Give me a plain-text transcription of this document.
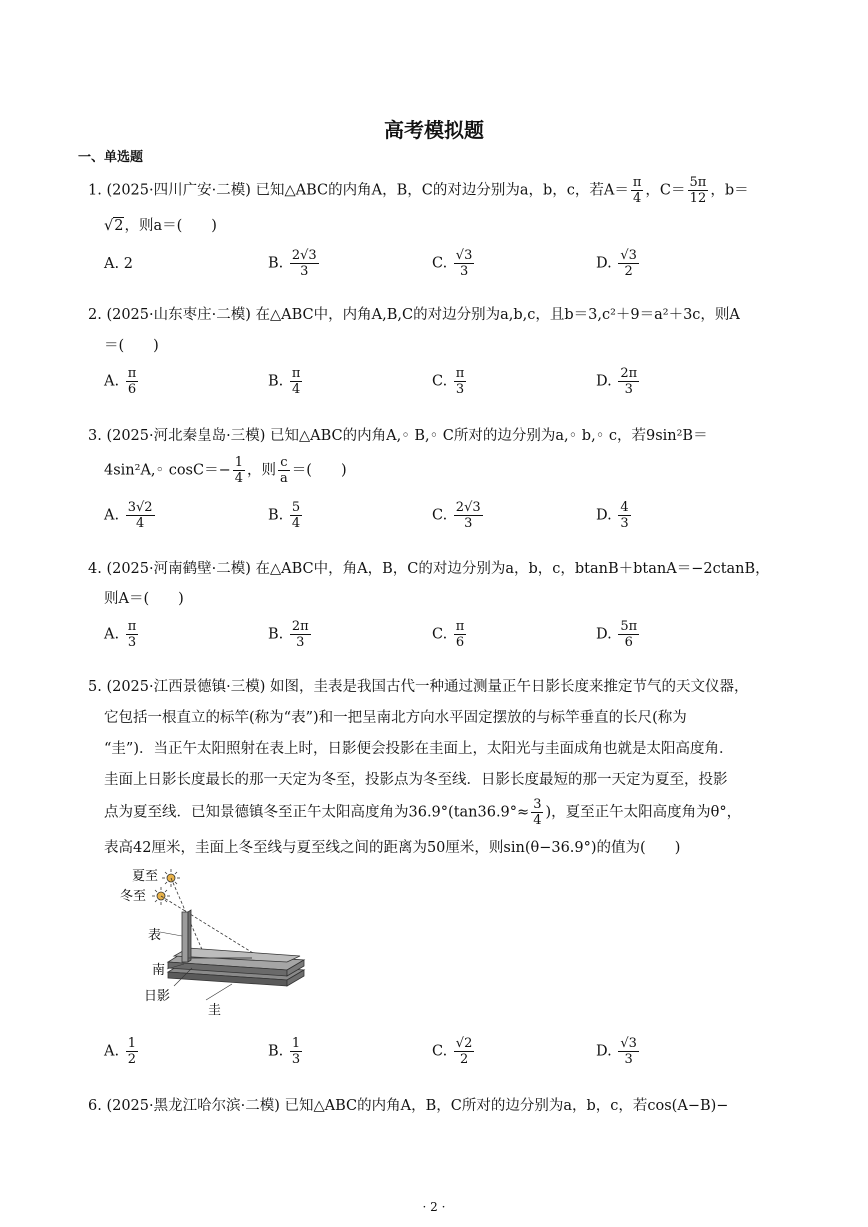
高考模拟题
一、单选题
1. (2025·四川广安·二模) 已知△ABC的内角A，B，C的对边分别为a，b，c，若$A= \frac{\pi}{4}$ ，$C= \frac{5\pi}{12}$ ，b＝
√2，则a＝(　　)
A. 2	B. $\frac{2√3}{3}$	C. $\frac{√3}{3}$	D. $\frac{√3}{2}$
2. (2025·山东枣庄·二模) 在△ABC中，内角A,B,C的对边分别为a,b,c，且b＝3,c²＋9＝a²＋3c，则A
＝(　　)
A. $\frac{\pi}{6}$	B. $\frac{\pi}{4}$	C. $\frac{\pi}{3}$	D. $\frac{2\pi}{3}$
3. (2025·河北秦皇岛·三模) 已知△ABC的内角A,◦ B,◦ C所对的边分别为a,◦ b,◦ c，若9sin²B＝
4sin²A,◦ $\cos C=- \frac{1}{4}$ ，则 $\frac{c}{a}$ ＝(　　)
A. $\frac{3√2}{4}$	B. $\frac{5}{4}$	C. $\frac{2√3}{3}$	D. $\frac{4}{3}$
4. (2025·河南鹤壁·二模) 在△ABC中，角A，B，C的对边分别为a，b，c，btanB＋btanA＝−2ctanB，
则A＝(　　)
A. $\frac{\pi}{3}$	B. $\frac{2\pi}{3}$	C. $\frac{\pi}{6}$	D. $\frac{5\pi}{6}$
5. (2025·江西景德镇·三模) 如图，圭表是我国古代一种通过测量正午日影长度来推定节气的天文仪器，
它包括一根直立的标竿(称为“表”)和一把呈南北方向水平固定摆放的与标竿垂直的长尺(称为
“圭”)．当正午太阳照射在表上时，日影便会投影在圭面上，太阳光与圭面成角也就是太阳高度角．
圭面上日影长度最长的那一天定为冬至，投影点为冬至线．日影长度最短的那一天定为夏至，投影
点为夏至线．已知景德镇冬至正午太阳高度角为$36.9^\circ(\tan 36.9^\circ\approx \frac{3}{4}$ )，夏至正午太阳高度角为θ°，
表高42厘米，圭面上冬至线与夏至线之间的距离为50厘米，则sin(θ−36.9°)的值为(　　)
夏至
冬至
表
南
日影
圭
A. $\frac{1}{2}$	B. $\frac{1}{3}$	C. $\frac{√2}{2}$	D. $\frac{√3}{3}$
6. (2025·黑龙江哈尔滨·二模) 已知△ABC的内角A，B，C所对的边分别为a，b，c，若cos(A−B)−
· 2 ·
